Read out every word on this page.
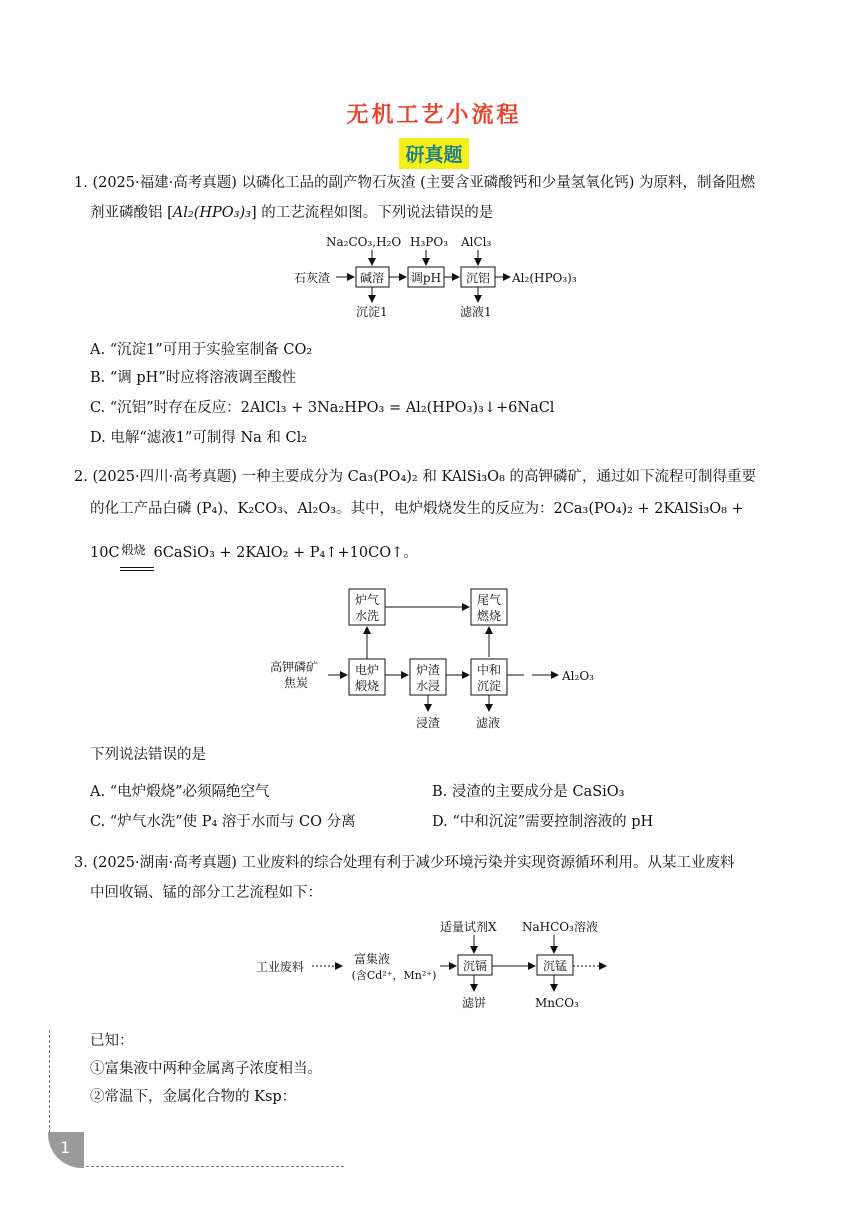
无机工艺小流程
研真题
1. (2025·福建·高考真题) 以磷化工品的副产物石灰渣 (主要含亚磷酸钙和少量氢氧化钙) 为原料，制备阻燃
剂亚磷酸铝 [Al₂(HPO₃)₃] 的工艺流程如图。下列说法错误的是
Na₂CO₃,H₂O H₃PO₃ AlCl₃
石灰渣 碱溶 调pH 沉铝 Al₂(HPO₃)₃
沉淀1	滤液1
A. “沉淀1”可用于实验室制备 CO₂
B. “调 pH”时应将溶液调至酸性
C. “沉铝”时存在反应：2AlCl₃ + 3Na₂HPO₃ = Al₂(HPO₃)₃↓+6NaCl
D. 电解“滤液1”可制得 Na 和 Cl₂
2. (2025·四川·高考真题) 一种主要成分为 Ca₃(PO₄)₂ 和 KAlSi₃O₈ 的高钾磷矿，通过如下流程可制得重要
的化工产品白磷 (P₄)、K₂CO₃、Al₂O₃。其中，电炉煅烧发生的反应为：2Ca₃(PO₄)₂ + 2KAlSi₃O₈ +
10C 煅烧 6CaSiO₃ + 2KAlO₂ + P₄↑+10CO↑。
炉气
水洗
尾气
燃烧
高钾磷矿
焦炭
电炉
煅烧
炉渣
水浸
中和
沉淀
Al₂O₃
浸渣	滤液
下列说法错误的是
A. “电炉煅烧”必须隔绝空气	B. 浸渣的主要成分是 CaSiO₃
C. “炉气水洗”使 P₄ 溶于水而与 CO 分离	D. “中和沉淀”需要控制溶液的 pH
3. (2025·湖南·高考真题) 工业废料的综合处理有利于减少环境污染并实现资源循环利用。从某工业废料
中回收镉、锰的部分工艺流程如下：
适量试剂X NaHCO₃溶液
工业废料
富集液
(含Cd²⁺，Mn²⁺)
沉镉	沉锰
滤饼	MnCO₃
已知：
①富集液中两种金属离子浓度相当。
②常温下，金属化合物的 Ksp：
1
